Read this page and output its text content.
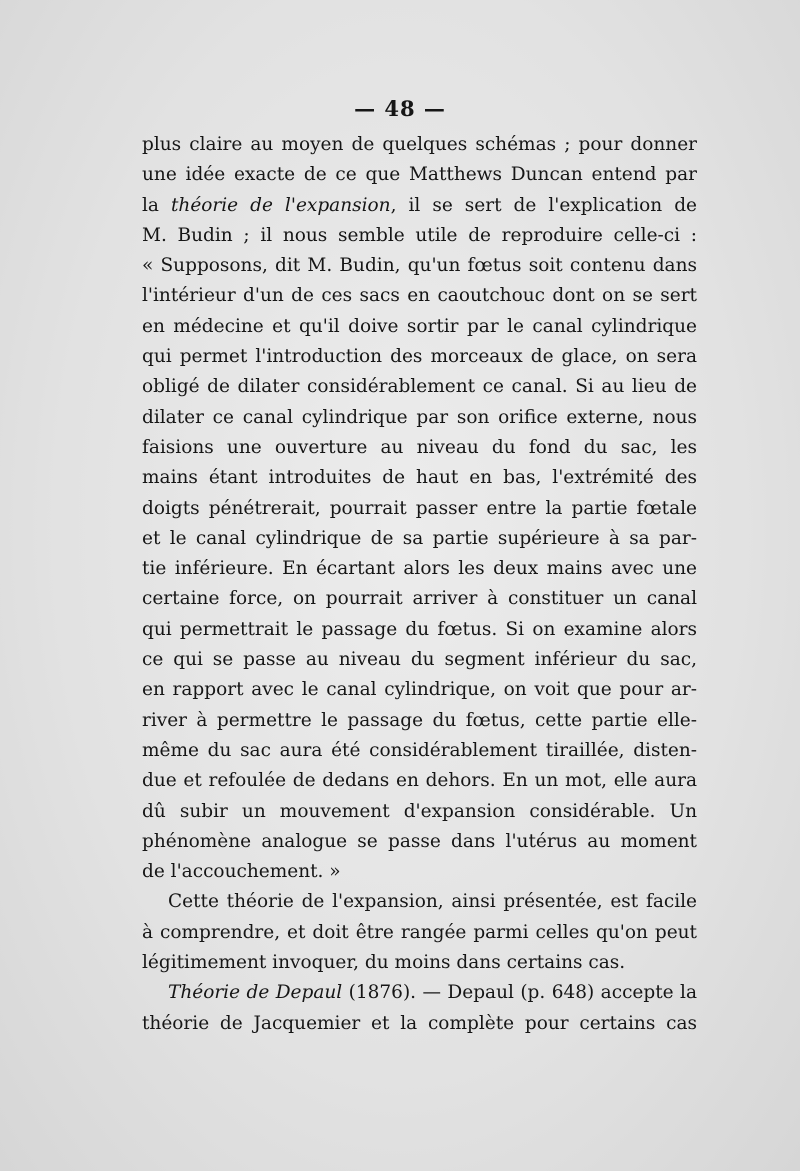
— 48 —
plus claire au moyen de quelques schémas ; pour donner
une idée exacte de ce que Matthews Duncan entend par
la théorie de l'expansion, il se sert de l'explication de
M. Budin ; il nous semble utile de reproduire celle-ci :
« Supposons, dit M. Budin, qu'un fœtus soit contenu dans
l'intérieur d'un de ces sacs en caoutchouc dont on se sert
en médecine et qu'il doive sortir par le canal cylindrique
qui permet l'introduction des morceaux de glace, on sera
obligé de dilater considérablement ce canal. Si au lieu de
dilater ce canal cylindrique par son orifice externe, nous
faisions une ouverture au niveau du fond du sac, les
mains étant introduites de haut en bas, l'extrémité des
doigts pénétrerait, pourrait passer entre la partie fœtale
et le canal cylindrique de sa partie supérieure à sa par-
tie inférieure. En écartant alors les deux mains avec une
certaine force, on pourrait arriver à constituer un canal
qui permettrait le passage du fœtus. Si on examine alors
ce qui se passe au niveau du segment inférieur du sac,
en rapport avec le canal cylindrique, on voit que pour ar-
river à permettre le passage du fœtus, cette partie elle-
même du sac aura été considérablement tiraillée, disten-
due et refoulée de dedans en dehors. En un mot, elle aura
dû subir un mouvement d'expansion considérable. Un
phénomène analogue se passe dans l'utérus au moment
de l'accouchement. »
Cette théorie de l'expansion, ainsi présentée, est facile
à comprendre, et doit être rangée parmi celles qu'on peut
légitimement invoquer, du moins dans certains cas.
Théorie de Depaul (1876). — Depaul (p. 648) accepte la
théorie de Jacquemier et la complète pour certains cas
